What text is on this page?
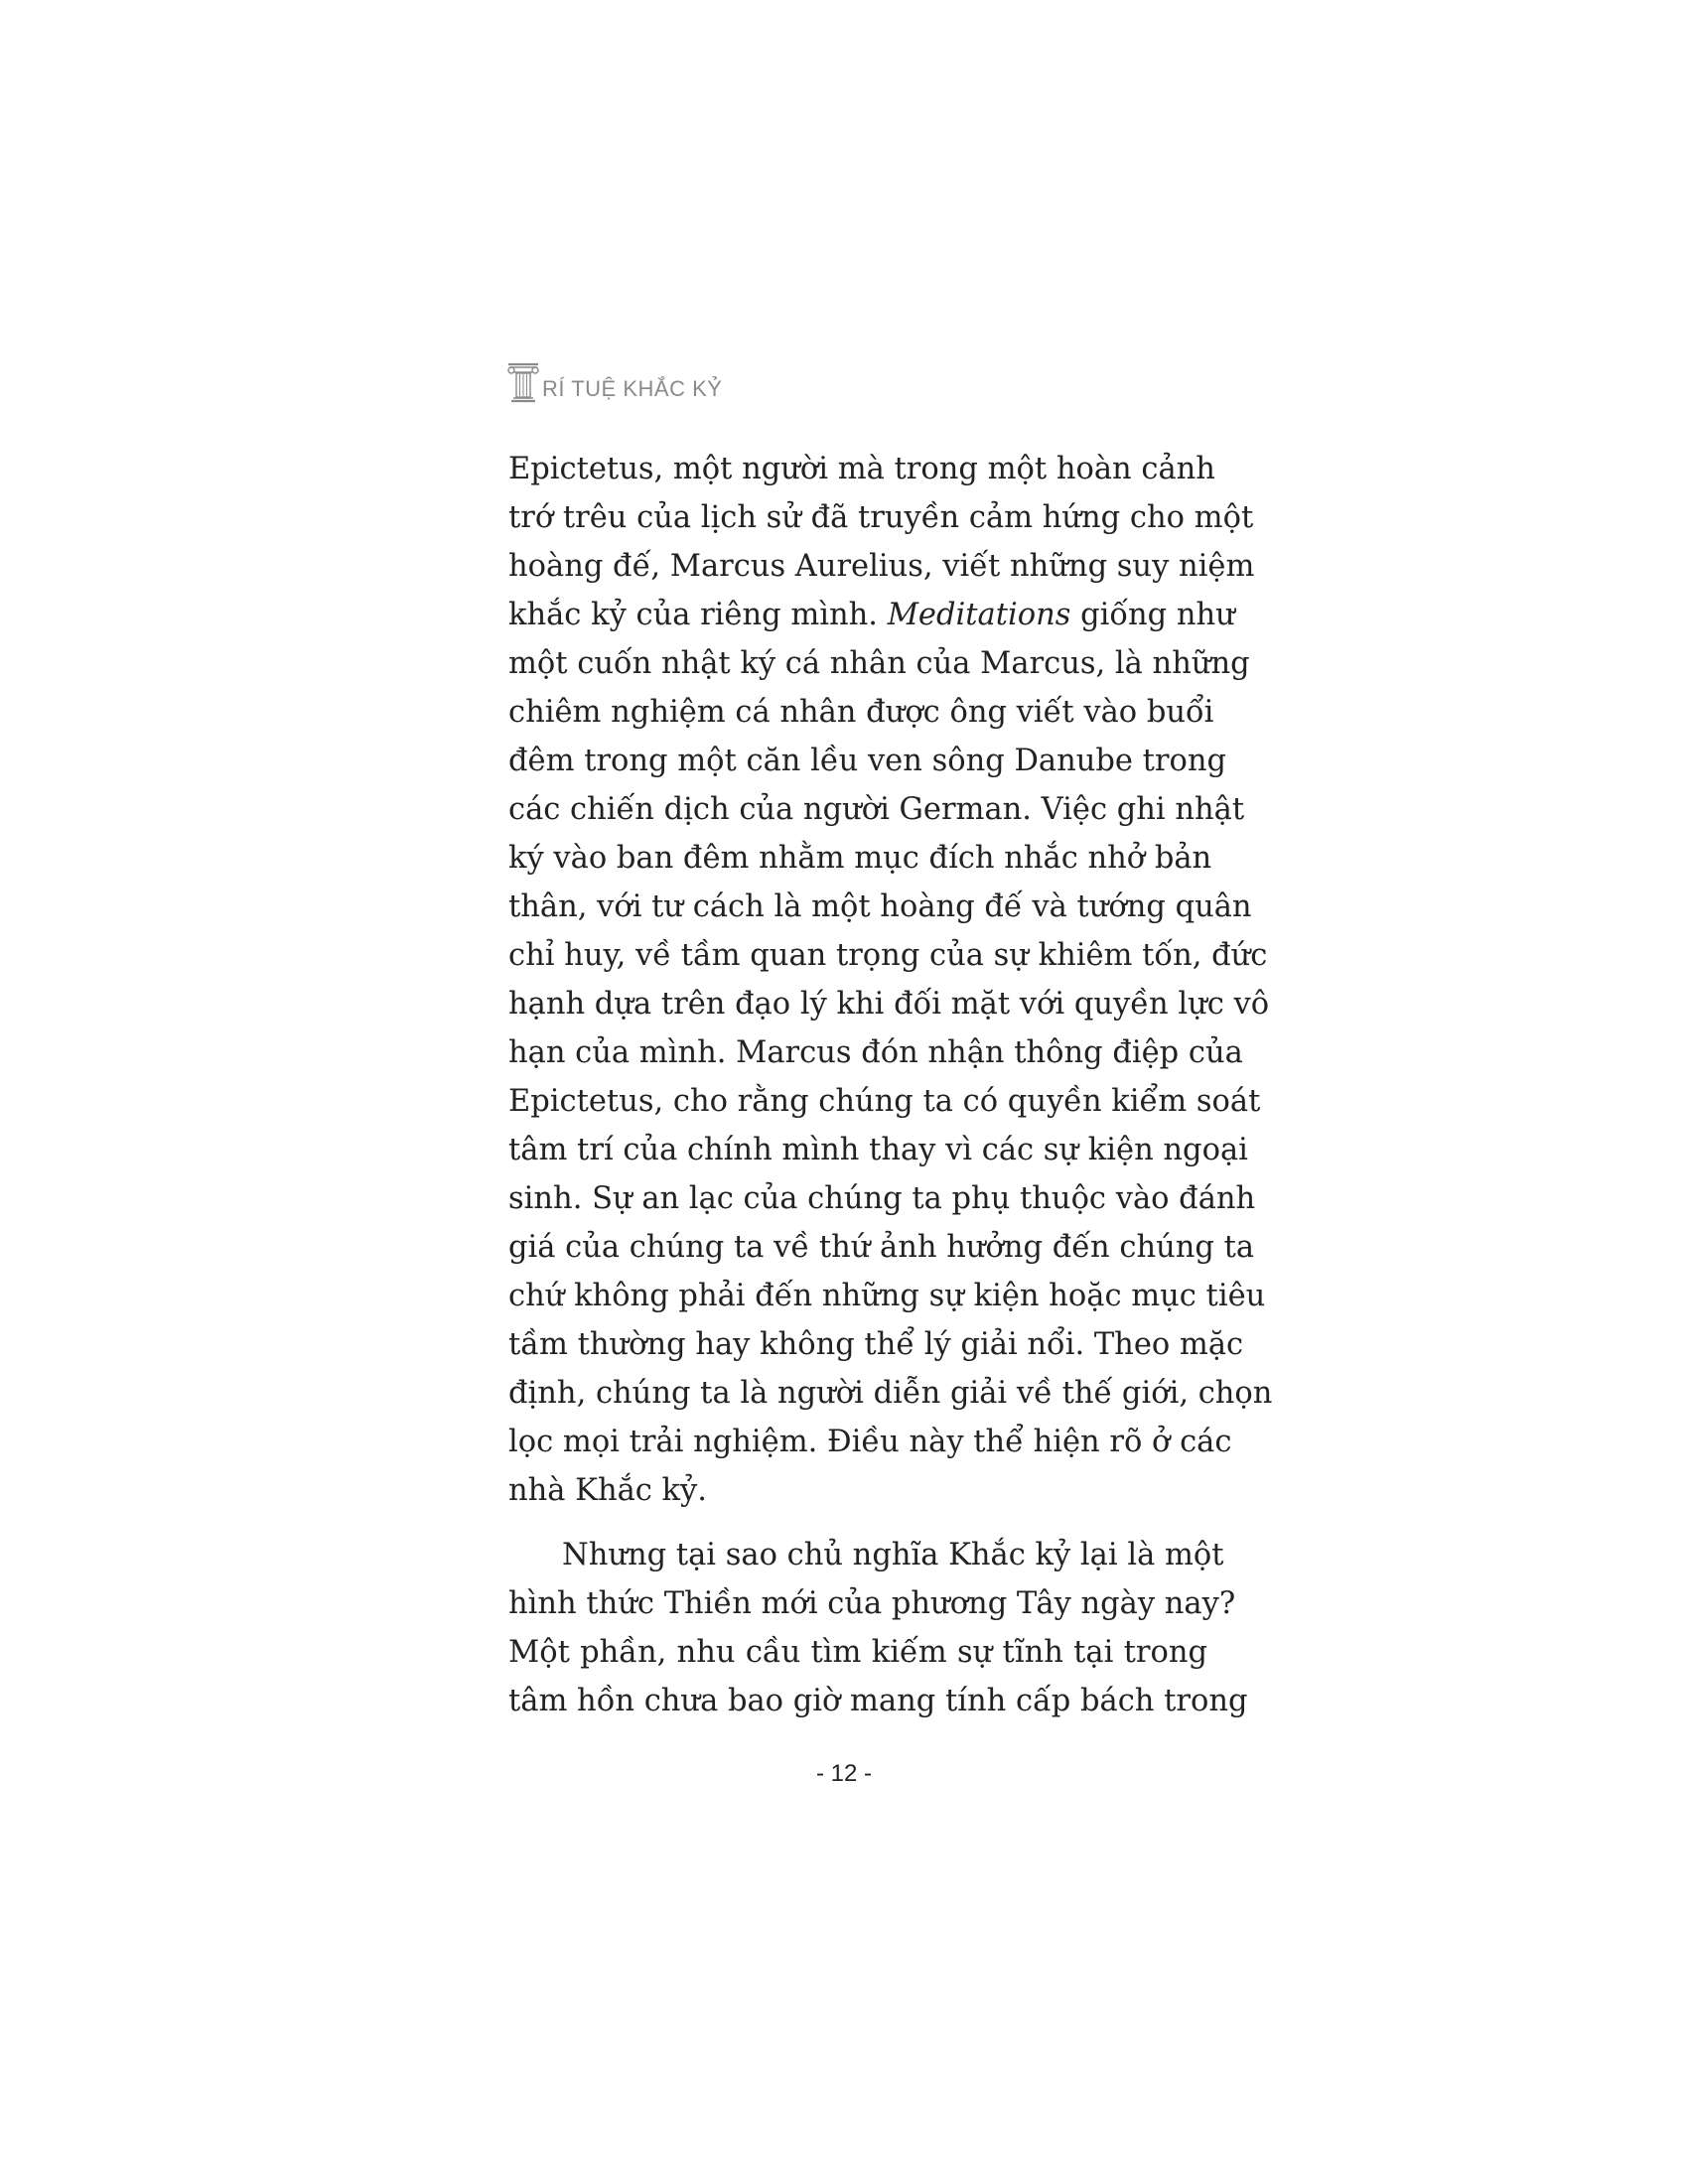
RÍ TUỆ KHẮC KỶ
Epictetus, một người mà trong một hoàn cảnh
trớ trêu của lịch sử đã truyền cảm hứng cho một
hoàng đế, Marcus Aurelius, viết những suy niệm
khắc kỷ của riêng mình. Meditations giống như
một cuốn nhật ký cá nhân của Marcus, là những
chiêm nghiệm cá nhân được ông viết vào buổi
đêm trong một căn lều ven sông Danube trong
các chiến dịch của người German. Việc ghi nhật
ký vào ban đêm nhằm mục đích nhắc nhở bản
thân, với tư cách là một hoàng đế và tướng quân
chỉ huy, về tầm quan trọng của sự khiêm tốn, đức
hạnh dựa trên đạo lý khi đối mặt với quyền lực vô
hạn của mình. Marcus đón nhận thông điệp của
Epictetus, cho rằng chúng ta có quyền kiểm soát
tâm trí của chính mình thay vì các sự kiện ngoại
sinh. Sự an lạc của chúng ta phụ thuộc vào đánh
giá của chúng ta về thứ ảnh hưởng đến chúng ta
chứ không phải đến những sự kiện hoặc mục tiêu
tầm thường hay không thể lý giải nổi. Theo mặc
định, chúng ta là người diễn giải về thế giới, chọn
lọc mọi trải nghiệm. Điều này thể hiện rõ ở các
nhà Khắc kỷ.
Nhưng tại sao chủ nghĩa Khắc kỷ lại là một
hình thức Thiền mới của phương Tây ngày nay?
Một phần, nhu cầu tìm kiếm sự tĩnh tại trong
tâm hồn chưa bao giờ mang tính cấp bách trong
- 12 -
